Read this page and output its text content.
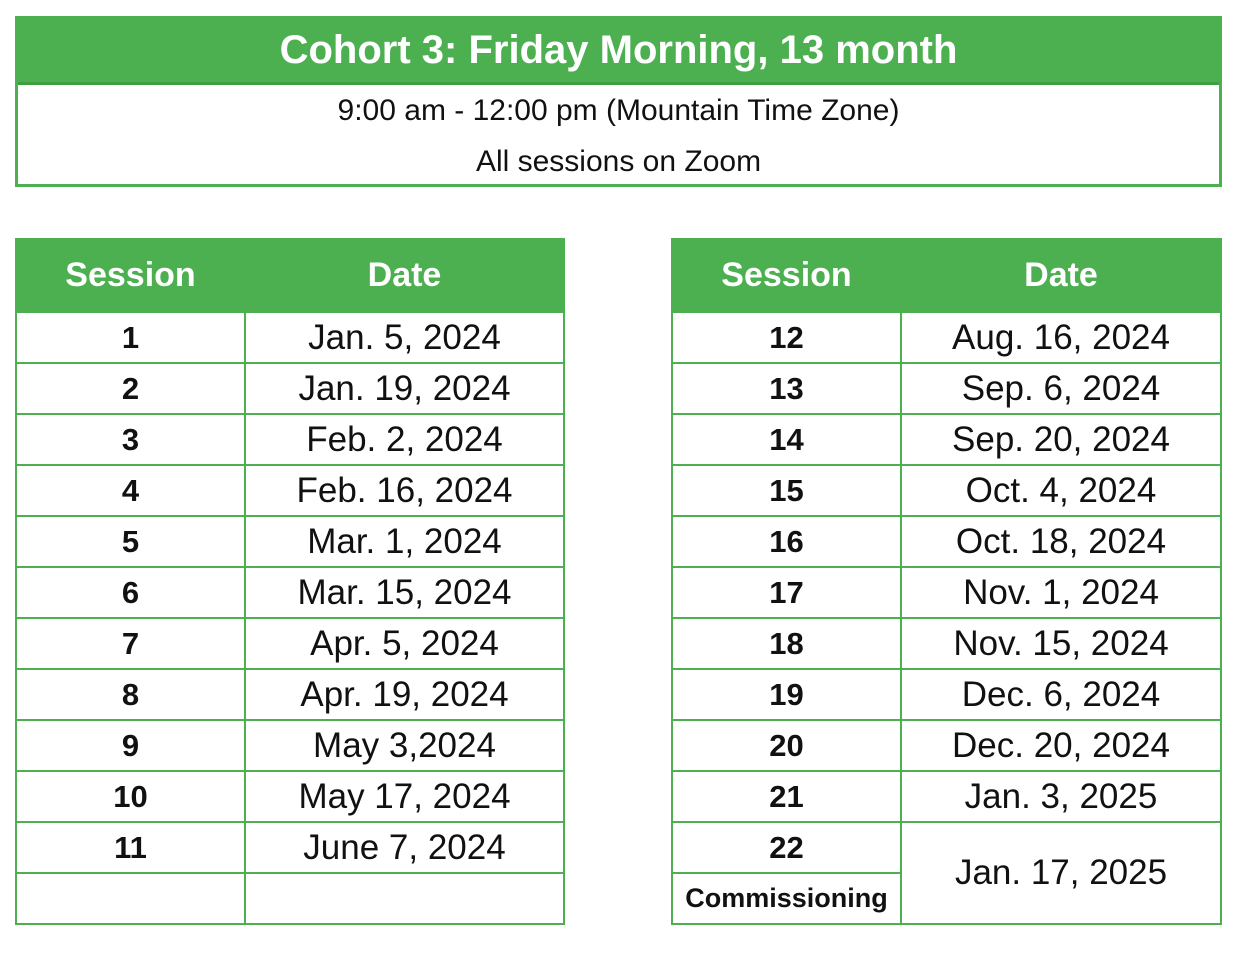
Cohort 3: Friday Morning, 13 month
9:00 am - 12:00 pm (Mountain Time Zone)
All sessions on Zoom
Session	Date
1	Jan. 5, 2024
2	Jan. 19, 2024
3	Feb. 2, 2024
4	Feb. 16, 2024
5	Mar. 1, 2024
6	Mar. 15, 2024
7	Apr. 5, 2024
8	Apr. 19, 2024
9	May 3,2024
10	May 17, 2024
11	June 7, 2024

Session	Date
12	Aug. 16, 2024
13	Sep. 6, 2024
14	Sep. 20, 2024
15	Oct. 4, 2024
16	Oct. 18, 2024
17	Nov. 1, 2024
18	Nov. 15, 2024
19	Dec. 6, 2024
20	Dec. 20, 2024
21	Jan. 3, 2025
22	Jan. 17, 2025
Commissioning	
